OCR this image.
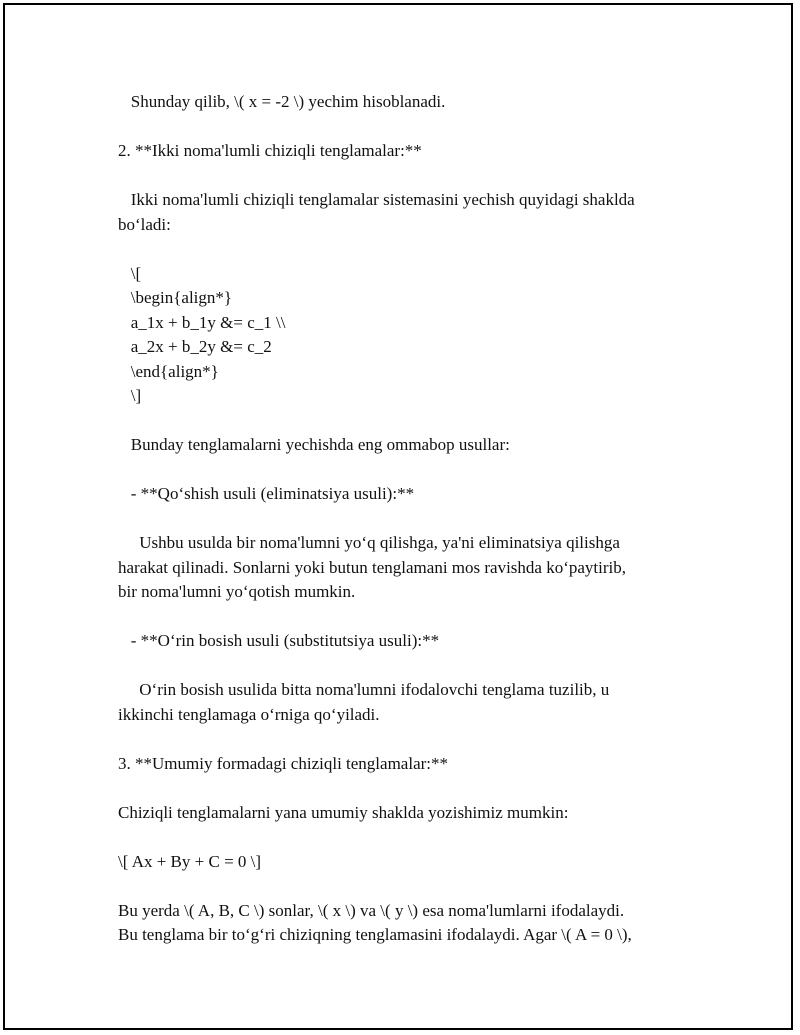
Shunday qilib, \( x = -2 \) yechim hisoblanadi.
2. **Ikki noma'lumli chiziqli tenglamalar:**
Ikki noma'lumli chiziqli tenglamalar sistemasini yechish quyidagi shaklda
bo‘ladi:
\[
\begin{align*}
a_1x + b_1y &= c_1 \\
a_2x + b_2y &= c_2
\end{align*}
\]
Bunday tenglamalarni yechishda eng ommabop usullar:
- **Qo‘shish usuli (eliminatsiya usuli):**
Ushbu usulda bir noma'lumni yo‘q qilishga, ya'ni eliminatsiya qilishga
harakat qilinadi. Sonlarni yoki butun tenglamani mos ravishda ko‘paytirib,
bir noma'lumni yo‘qotish mumkin.
- **O‘rin bosish usuli (substitutsiya usuli):**
O‘rin bosish usulida bitta noma'lumni ifodalovchi tenglama tuzilib, u
ikkinchi tenglamaga o‘rniga qo‘yiladi.
3. **Umumiy formadagi chiziqli tenglamalar:**
Chiziqli tenglamalarni yana umumiy shaklda yozishimiz mumkin:
\[ Ax + By + C = 0 \]
Bu yerda \( A, B, C \) sonlar, \( x \) va \( y \) esa noma'lumlarni ifodalaydi.
Bu tenglama bir to‘g‘ri chiziqning tenglamasini ifodalaydi. Agar \( A = 0 \),
